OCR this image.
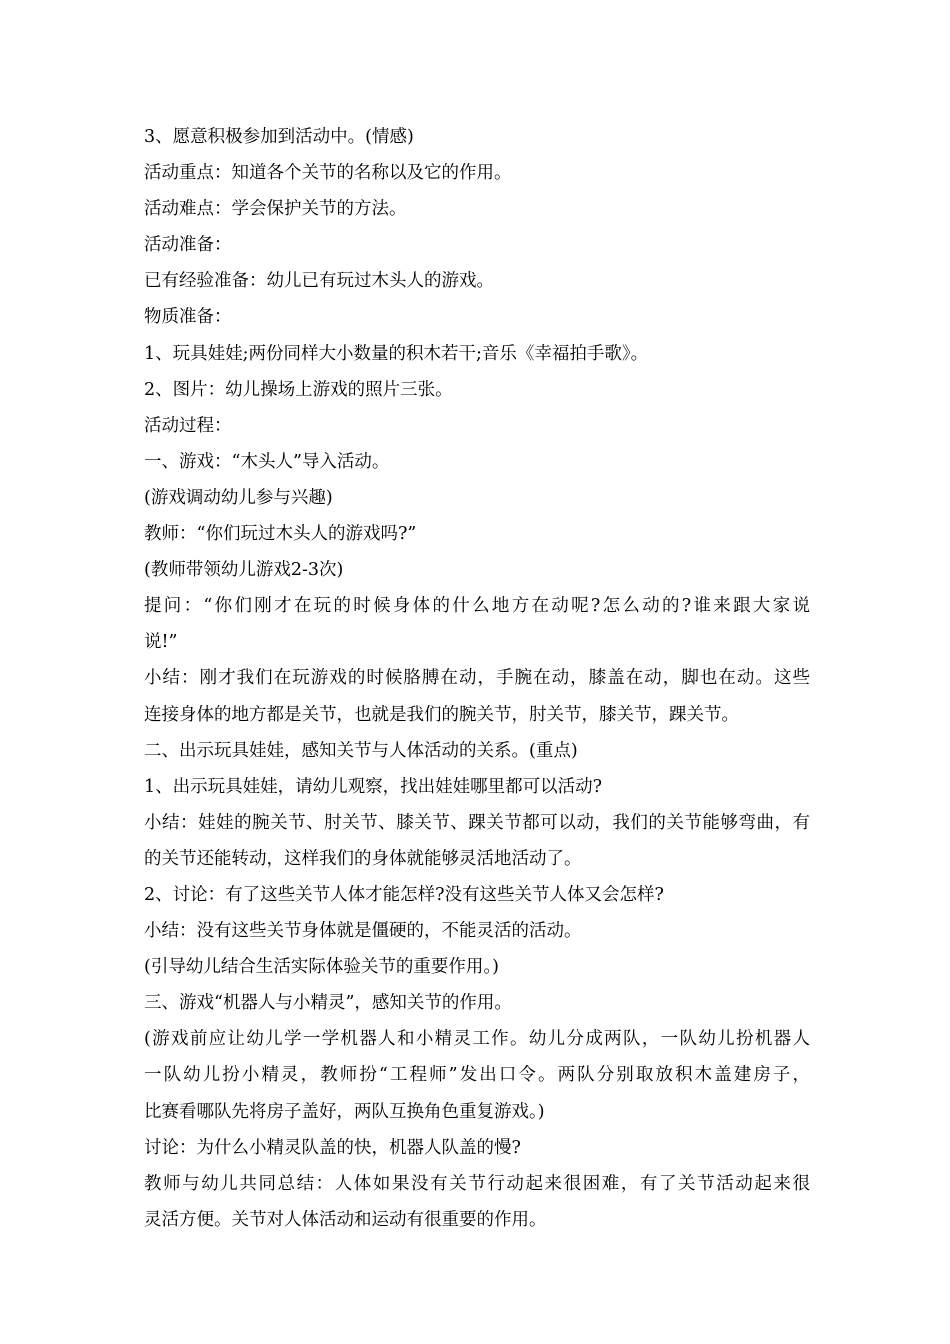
3、愿意积极参加到活动中。(情感)
活动重点：知道各个关节的名称以及它的作用。
活动难点：学会保护关节的方法。
活动准备：
已有经验准备：幼儿已有玩过木头人的游戏。
物质准备：
1、玩具娃娃;两份同样大小数量的积木若干;音乐《幸福拍手歌》。
2、图片：幼儿操场上游戏的照片三张。
活动过程：
一、游戏：“木头人”导入活动。
(游戏调动幼儿参与兴趣)
教师：“你们玩过木头人的游戏吗?”
(教师带领幼儿游戏2-3次)
提问：“你们刚才在玩的时候身体的什么地方在动呢?怎么动的?谁来跟大家说
说!”
小结：刚才我们在玩游戏的时候胳膊在动，手腕在动，膝盖在动，脚也在动。这些
连接身体的地方都是关节，也就是我们的腕关节，肘关节，膝关节，踝关节。
二、出示玩具娃娃，感知关节与人体活动的关系。(重点)
1、出示玩具娃娃，请幼儿观察，找出娃娃哪里都可以活动?
小结：娃娃的腕关节、肘关节、膝关节、踝关节都可以动，我们的关节能够弯曲，有
的关节还能转动，这样我们的身体就能够灵活地活动了。
2、讨论：有了这些关节人体才能怎样?没有这些关节人体又会怎样?
小结：没有这些关节身体就是僵硬的，不能灵活的活动。
(引导幼儿结合生活实际体验关节的重要作用。)
三、游戏“机器人与小精灵”，感知关节的作用。
(游戏前应让幼儿学一学机器人和小精灵工作。幼儿分成两队，一队幼儿扮机器人
一队幼儿扮小精灵，教师扮“工程师”发出口令。两队分别取放积木盖建房子，
比赛看哪队先将房子盖好，两队互换角色重复游戏。)
讨论：为什么小精灵队盖的快，机器人队盖的慢?
教师与幼儿共同总结：人体如果没有关节行动起来很困难，有了关节活动起来很
灵活方便。关节对人体活动和运动有很重要的作用。
